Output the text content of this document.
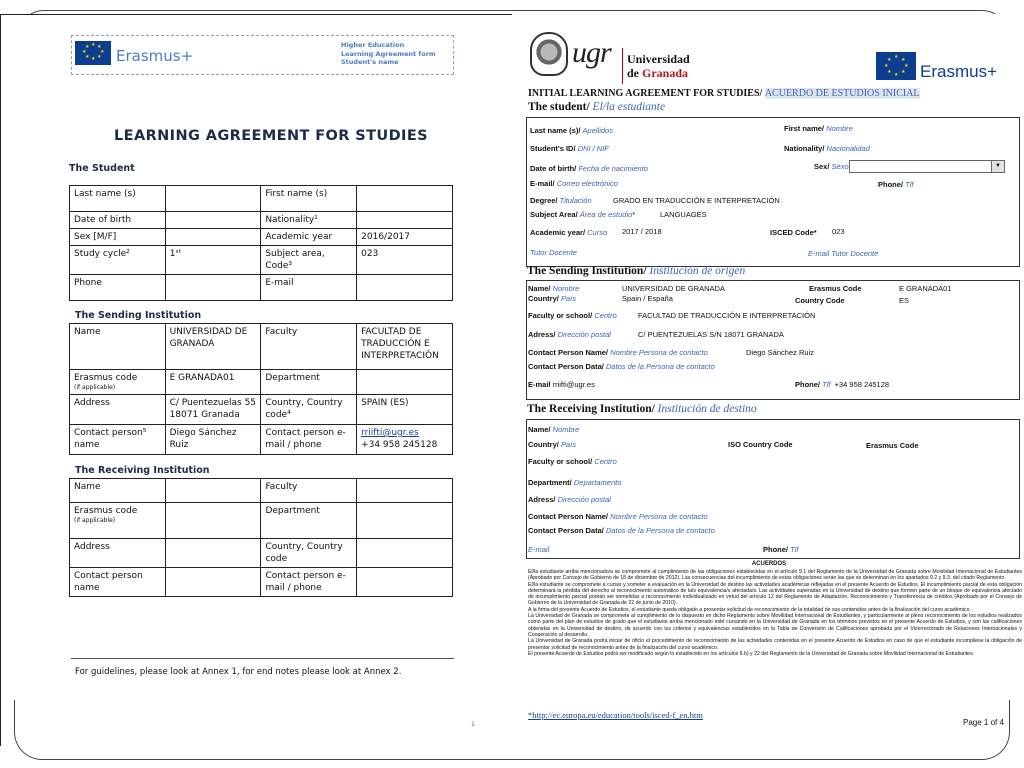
★ ★
★
★
★
★
★
★ Erasmus+
Higher Education
Learning Agreement form
Student's name
LEARNING AGREEMENT FOR STUDIES
The Student
Last name (s)		First name (s)	
Date of birth		Nationality¹	
Sex [M/F]		Academic year	2016/2017
Study cycle²	1ˢᵗ	Subject area, Code³	023
Phone		E-mail	
The Sending Institution
Name	UNIVERSIDAD DE GRANADA	Faculty	FACULTAD DE TRADUCCIÓN E INTERPRETACIÓN
Erasmus code
(if applicable)	E GRANADA01	Department	
Address	C/ Puentezuelas 55 18071 Granada	Country, Country code⁴	SPAIN (ES)
Contact person⁵ name	Diego Sánchez Ruiz	Contact person e-mail / phone	rriifti@ugr.es
+34 958 245128
The Receiving Institution
Name		Faculty	
Erasmus code
(if applicable)		Department	
Address		Country, Country code	
Contact person name		Contact person e-mail / phone	
For guidelines, please look at Annex 1, for end notes please look at Annex 2.
1
ugr Universidad
de Granada
★ ★
★
★
★
★
★
★
Erasmus+
INITIAL LEARNING AGREEMENT FOR STUDIES/ ACUERDO DE ESTUDIOS INICIAL
The student/ El/la estudiante
Last name (s)/ Apellidos	First name/ Nombre
Student's ID/ DNI / NIF	Nationality/ Nacionalidad
Date of birth/ Fecha de nacimiento	Sex/ Sexo	▼
E-mail/ Correo electrónico	Phone/ Tlf
Degree/ Titulación	GRADO EN TRADUCCIÓN E INTERPRETACIÓN
Subject Area/ Área de estudio*	LANGUAGES
Academic year/ Curso 2017 / 2018	ISCED Code* 023
Tutor Docente	E-mail Tutor Docente
The Sending Institution/ Institución de origen
Name/ Nombre	UNIVERSIDAD DE GRANADA	Erasmus Code	E GRANADA01
Country/ País	Spain / España	Country Code	ES
Faculty or school/ Centro	FACULTAD DE TRADUCCIÓN E INTERPRETACIÓN
Adress/ Dirección postal	C/ PUENTEZUELAS S/N 18071 GRANADA
Contact Person Name/ Nombre Persona de contacto	Diego Sánchez Ruiz
Contact Person Data/ Datos de la Persona de contacto
E-mail rriifti@ugr.es	Phone/ Tlf +34 958 245128
The Receiving Institution/ Institución de destino
Name/ Nombre
Country/ País	ISO Country Code	Erasmus Code
Faculty or school/ Centro
Department/ Departamento
Adress/ Dirección postal
Contact Person Name/ Nombre Persona de contacto
Contact Person Data/ Datos de la Persona de contacto
E-mail	Phone/ Tlf
ACUERDOS
El/la estudiante arriba mencionado/a se compromete al cumplimiento de las obligaciones establecidas en el artículo 9.1 del Reglamento de la Universidad de Granada sobre Movilidad Internacional de Estudiantes (Aprobado por Consejo de Gobierno de 18 de diciembre de 2012). Las consecuencias del incumplimiento de estas obligaciones serán las que se determinan en los apartados 9.2 y 9.3. del citado Reglamento.
El/la estudiante se compromete a cursar y someter a evaluación en la Universidad de destino las actividades académicas reflejadas en el presente Acuerdo de Estudios. El incumplimiento parcial de esta obligación determinará la pérdida del derecho al reconocimiento automático de la/s equivalencia/s afectada/s. Las actividades superadas en la Universidad de destino que formen parte de un bloque de equivalencia afectado de incumplimiento parcial podrán ser sometidas a reconocimiento individualizado en virtud del artículo 12 del Reglamento de Adaptación, Reconocimiento y Transferencia de créditos (Aprobado por el Consejo de Gobierno de la Universidad de Granada de 22 de junio de 2010).
A la firma del presente Acuerdo de Estudios, el estudiante queda obligado a presentar solicitud de reconocimiento de la totalidad de sus contenidos antes de la finalización del curso académico.
La Universidad de Granada se compromete al cumplimiento de lo dispuesto en dicho Reglamento sobre Movilidad Internacional de Estudiantes, y particularmente al pleno reconocimiento de los estudios realizados como parte del plan de estudios de grado que el estudiante arriba mencionado esté cursando en la Universidad de Granada en los términos previstos en el presente Acuerdo de Estudios, y con las calificaciones obtenidas en la Universidad de destino, de acuerdo con los criterios y equivalencias establecidos en la Tabla de Conversión de Calificaciones aprobada por el Vicerrectorado de Relaciones Internacionales y Cooperación al desarrollo.
La Universidad de Granada podrá iniciar de oficio el procedimiento de reconocimiento de las actividades contenidas en el presente Acuerdo de Estudios en caso de que el estudiante incumpliese la obligación de presentar solicitud de reconocimiento antes de la finalización del curso académico.
El presente Acuerdo de Estudios podrá ser modificado según lo establecido en los artículos 8.b) y 22 del Reglamento de la Universidad de Granada sobre Movilidad Internacional de Estudiantes.
*http://ec.europa.eu/education/tools/isced-f_en.htm
Page 1 of 4
